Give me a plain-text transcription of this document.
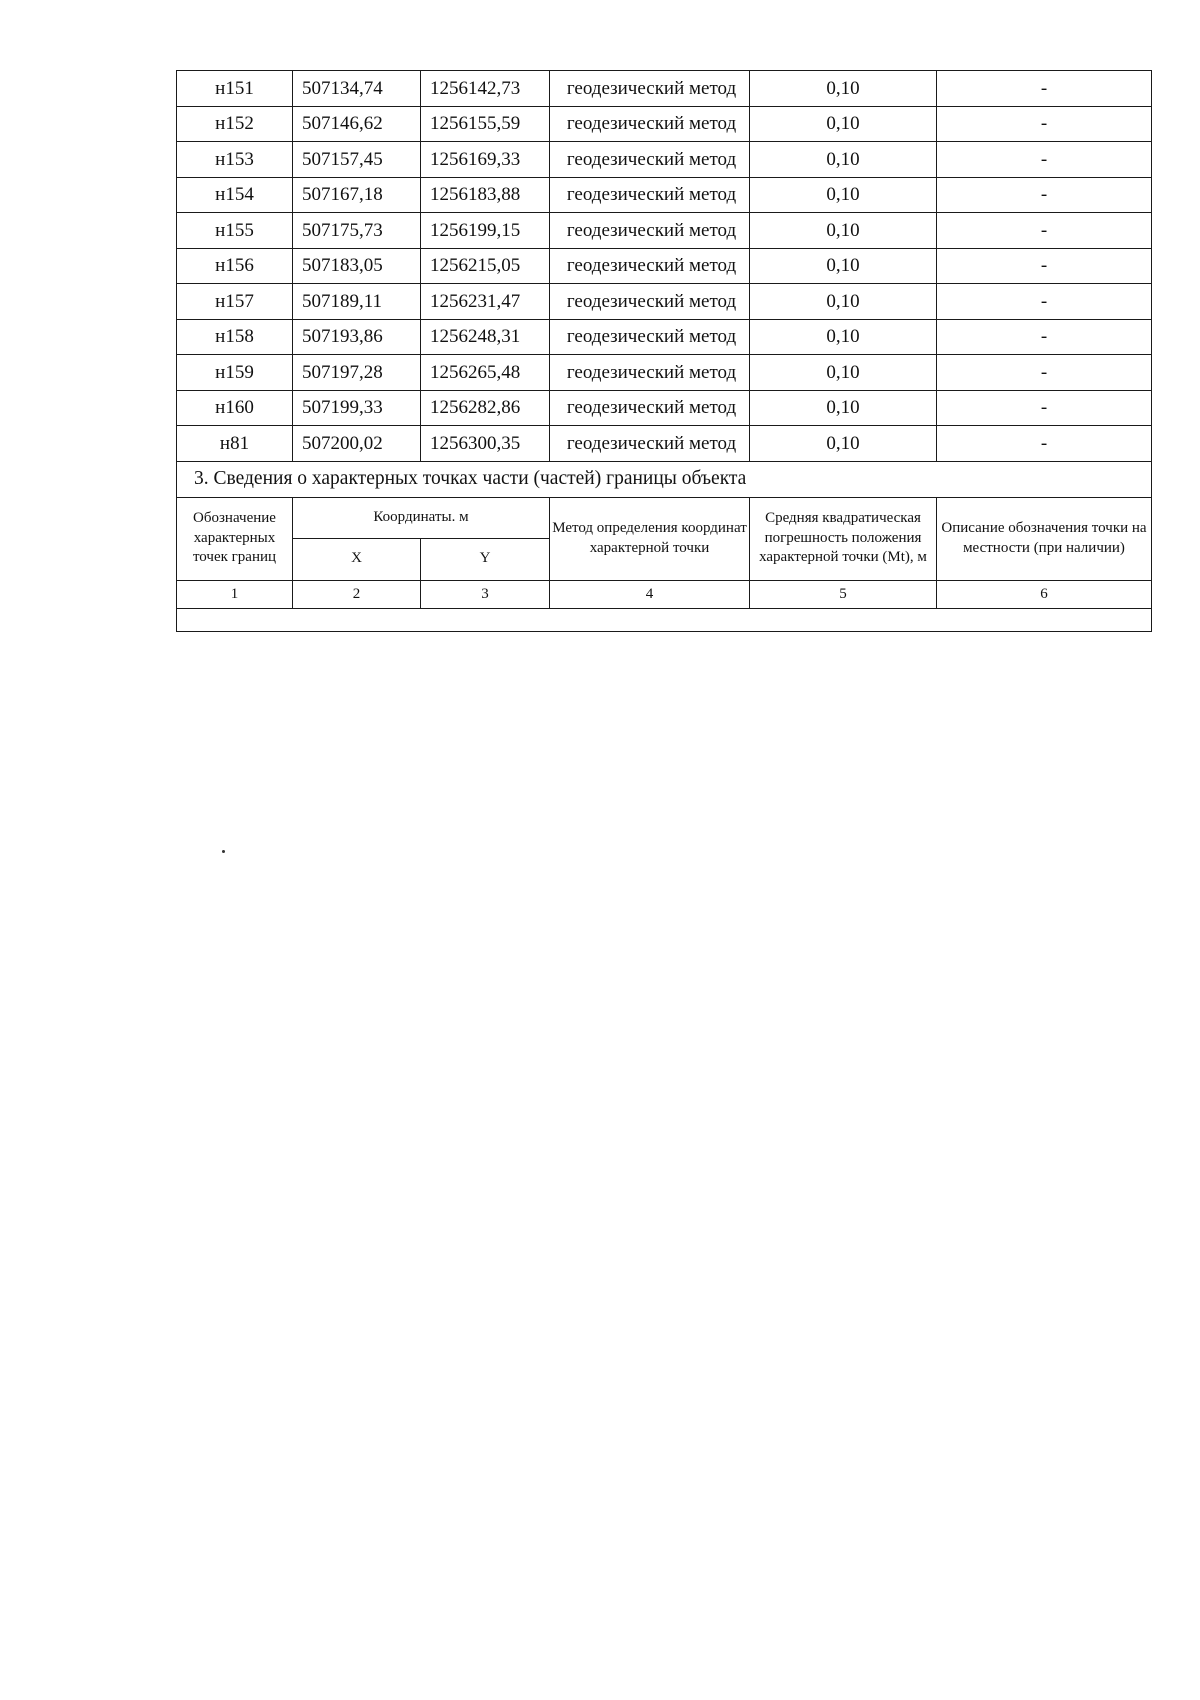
н151	507134,74	1256142,73	геодезический метод	0,10	-
н152	507146,62	1256155,59	геодезический метод	0,10	-
н153	507157,45	1256169,33	геодезический метод	0,10	-
н154	507167,18	1256183,88	геодезический метод	0,10	-
н155	507175,73	1256199,15	геодезический метод	0,10	-
н156	507183,05	1256215,05	геодезический метод	0,10	-
н157	507189,11	1256231,47	геодезический метод	0,10	-
н158	507193,86	1256248,31	геодезический метод	0,10	-
н159	507197,28	1256265,48	геодезический метод	0,10	-
н160	507199,33	1256282,86	геодезический метод	0,10	-
н81	507200,02	1256300,35	геодезический метод	0,10	-
3. Сведения о характерных точках части (частей) границы объекта					
Обозначение характерных точек границ	Координаты. м		Метод определения координат характерной точки	Средняя квадратическая погрешность положения характерной точки (Mt), м	Описание обозначения точки на местности (при наличии)
	X	Y			
1	2	3	4	5	6
